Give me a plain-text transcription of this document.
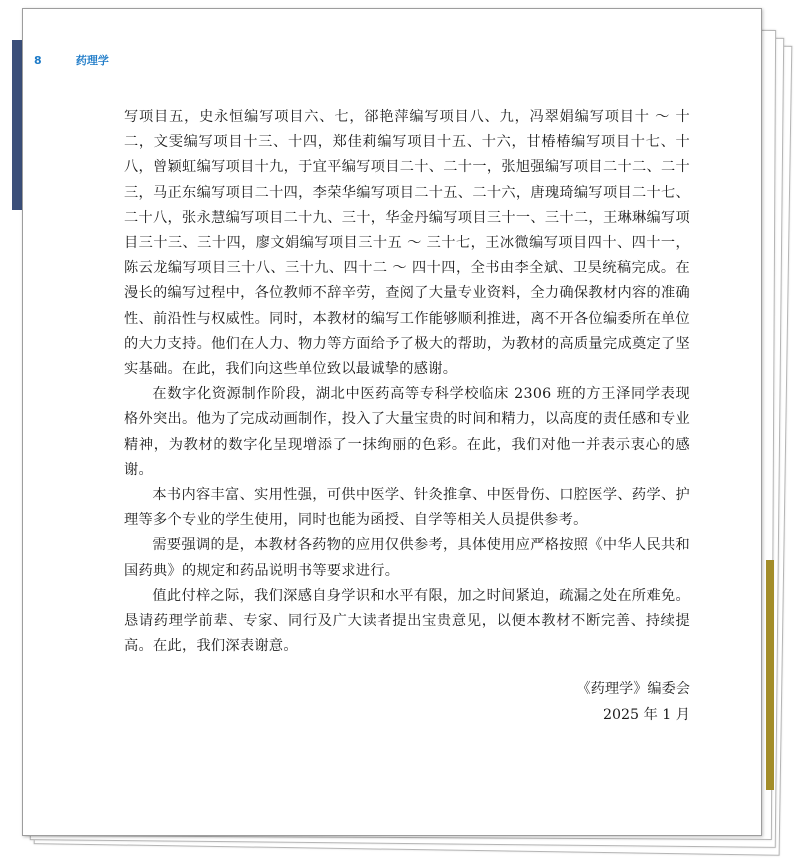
8	药理学

写项目五，史永恒编写项目六、七，郤艳萍编写项目八、九，冯翠娟编写项目十 ～ 十二，文雯编写项目十三、十四，郑佳莉编写项目十五、十六，甘椿椿编写项目十七、十八，曾颖虹编写项目十九，于宜平编写项目二十、二十一，张旭强编写项目二十二、二十三，马正东编写项目二十四，李荣华编写项目二十五、二十六，唐瑰琦编写项目二十七、二十八，张永慧编写项目二十九、三十，华金丹编写项目三十一、三十二，王琳琳编写项目三十三、三十四，廖文娟编写项目三十五 ～ 三十七，王冰微编写项目四十、四十一，陈云龙编写项目三十八、三十九、四十二 ～ 四十四，全书由李全斌、卫昊统稿完成。在漫长的编写过程中，各位教师不辞辛劳，查阅了大量专业资料，全力确保教材内容的准确性、前沿性与权威性。同时，本教材的编写工作能够顺利推进，离不开各位编委所在单位的大力支持。他们在人力、物力等方面给予了极大的帮助，为教材的高质量完成奠定了坚实基础。在此，我们向这些单位致以最诚挚的感谢。

在数字化资源制作阶段，湖北中医药高等专科学校临床 2306 班的方王泽同学表现格外突出。他为了完成动画制作，投入了大量宝贵的时间和精力，以高度的责任感和专业精神，为教材的数字化呈现增添了一抹绚丽的色彩。在此，我们对他一并表示衷心的感谢。

本书内容丰富、实用性强，可供中医学、针灸推拿、中医骨伤、口腔医学、药学、护理等多个专业的学生使用，同时也能为函授、自学等相关人员提供参考。

需要强调的是，本教材各药物的应用仅供参考，具体使用应严格按照《中华人民共和国药典》的规定和药品说明书等要求进行。

值此付梓之际，我们深感自身学识和水平有限，加之时间紧迫，疏漏之处在所难免。恳请药理学前辈、专家、同行及广大读者提出宝贵意见，以便本教材不断完善、持续提高。在此，我们深表谢意。

《药理学》编委会
2025 年 1 月
